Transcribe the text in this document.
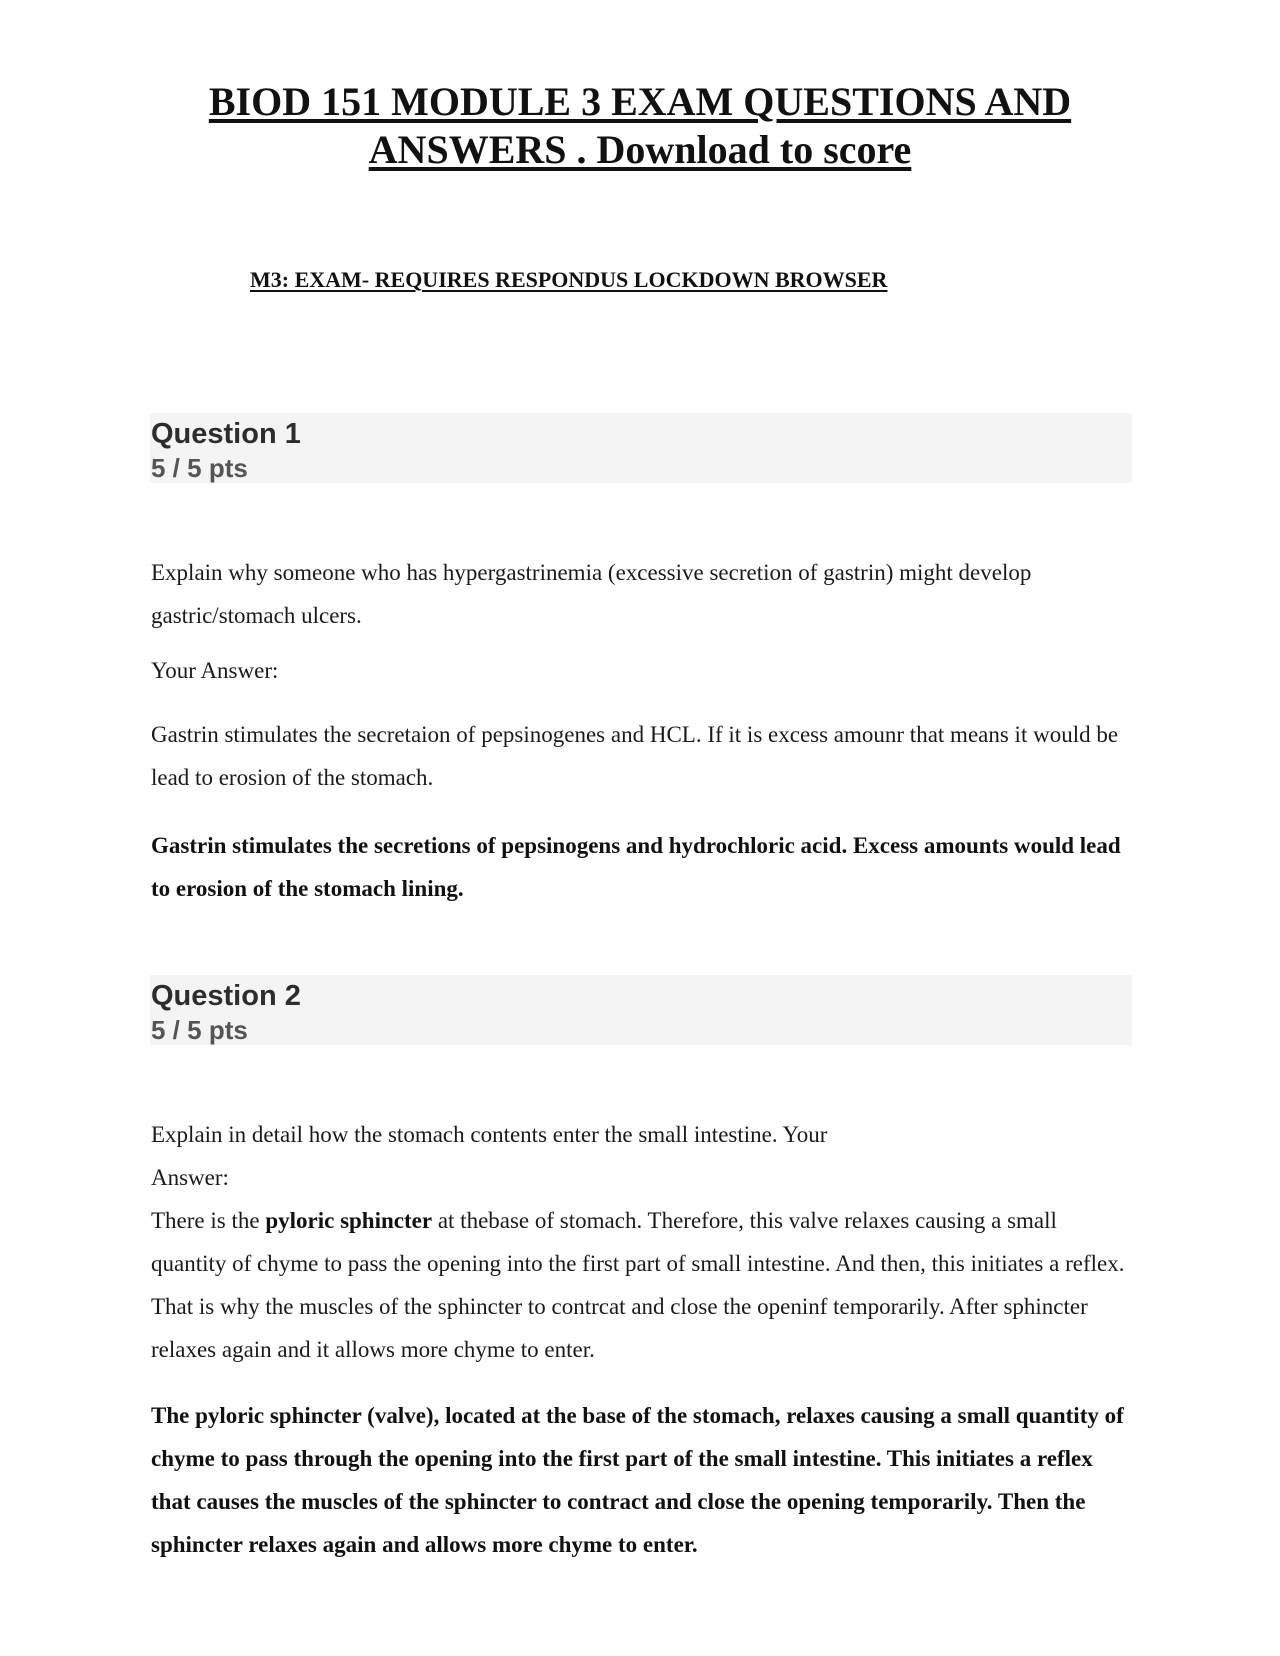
BIOD 151 MODULE 3 EXAM QUESTIONS AND ANSWERS . Download to score

M3: EXAM- REQUIRES RESPONDUS LOCKDOWN BROWSER

Question 1
5 / 5 pts

Explain why someone who has hypergastrinemia (excessive secretion of gastrin) might develop gastric/stomach ulcers.

Your Answer:

Gastrin stimulates the secretaion of pepsinogenes and HCL. If it is excess amounr that means it would be lead to erosion of the stomach.

Gastrin stimulates the secretions of pepsinogens and hydrochloric acid. Excess amounts would lead to erosion of the stomach lining.

Question 2
5 / 5 pts

Explain in detail how the stomach contents enter the small intestine. Your

Answer:

There is the pyloric sphincter at thebase of stomach. Therefore, this valve relaxes causing a small quantity of chyme to pass the opening into the first part of small intestine. And then, this initiates a reflex. That is why the muscles of the sphincter to contrcat and close the openinf temporarily. After sphincter relaxes again and it allows more chyme to enter.

The pyloric sphincter (valve), located at the base of the stomach, relaxes causing a small quantity of chyme to pass through the opening into the first part of the small intestine. This initiates a reflex that causes the muscles of the sphincter to contract and close the opening temporarily. Then the sphincter relaxes again and allows more chyme to enter.
